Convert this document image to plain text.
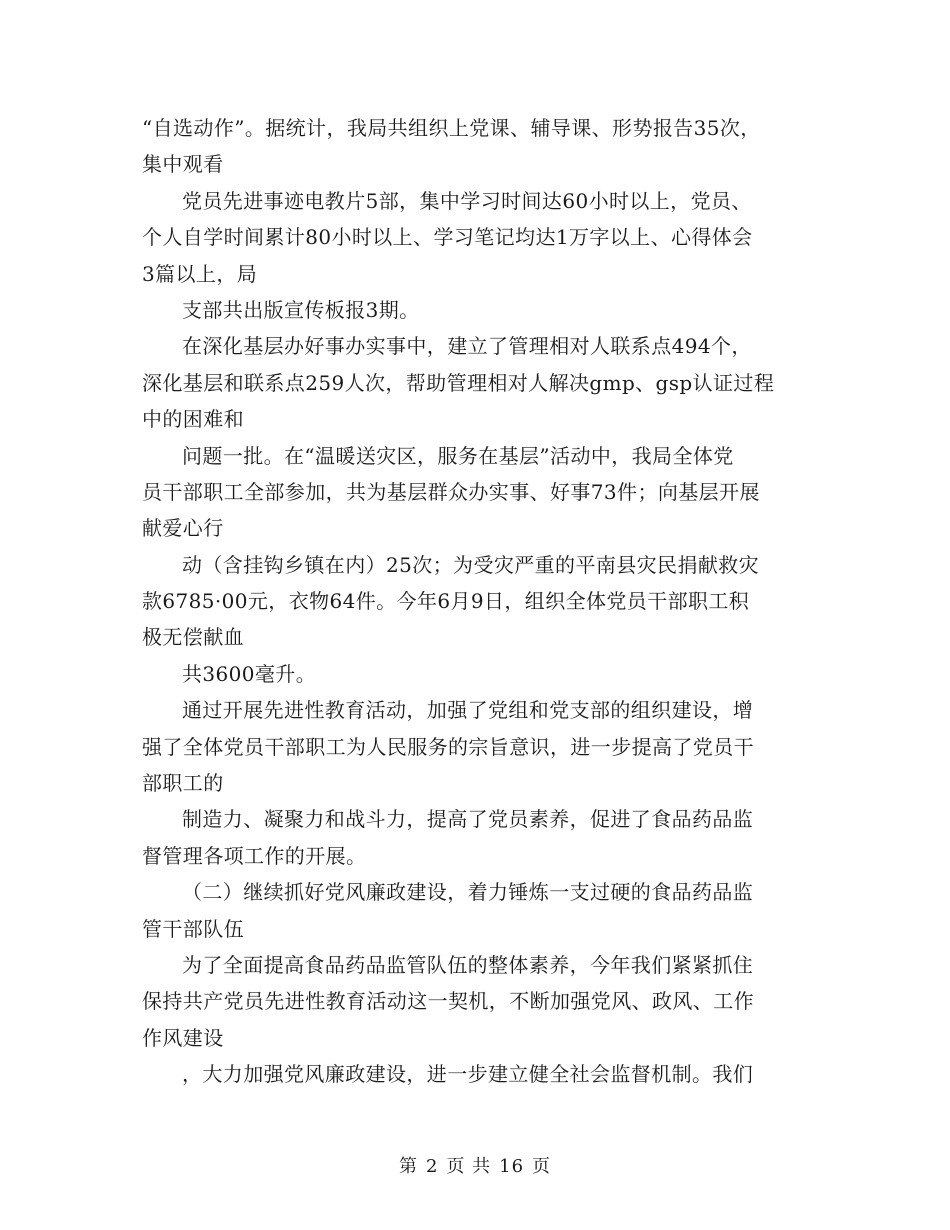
“自选动作”。据统计，我局共组织上党课、辅导课、形势报告35次，
集中观看
党员先进事迹电教片5部，集中学习时间达60小时以上，党员、
个人自学时间累计80小时以上、学习笔记均达1万字以上、心得体会
3篇以上，局
支部共出版宣传板报3期。
在深化基层办好事办实事中，建立了管理相对人联系点494个，
深化基层和联系点259人次，帮助管理相对人解决gmp、gsp认证过程
中的困难和
问题一批。在“温暖送灾区，服务在基层”活动中，我局全体党
员干部职工全部参加，共为基层群众办实事、好事73件；向基层开展
献爱心行
动（含挂钩乡镇在内）25次；为受灾严重的平南县灾民捐献救灾
款6785·00元，衣物64件。今年6月9日，组织全体党员干部职工积
极无偿献血
共3600毫升。
通过开展先进性教育活动，加强了党组和党支部的组织建设，增
强了全体党员干部职工为人民服务的宗旨意识，进一步提高了党员干
部职工的
制造力、凝聚力和战斗力，提高了党员素养，促进了食品药品监
督管理各项工作的开展。
（二）继续抓好党风廉政建设，着力锤炼一支过硬的食品药品监
管干部队伍
为了全面提高食品药品监管队伍的整体素养，今年我们紧紧抓住
保持共产党员先进性教育活动这一契机，不断加强党风、政风、工作
作风建设
，大力加强党风廉政建设，进一步建立健全社会监督机制。我们
第 2 页 共 16 页
